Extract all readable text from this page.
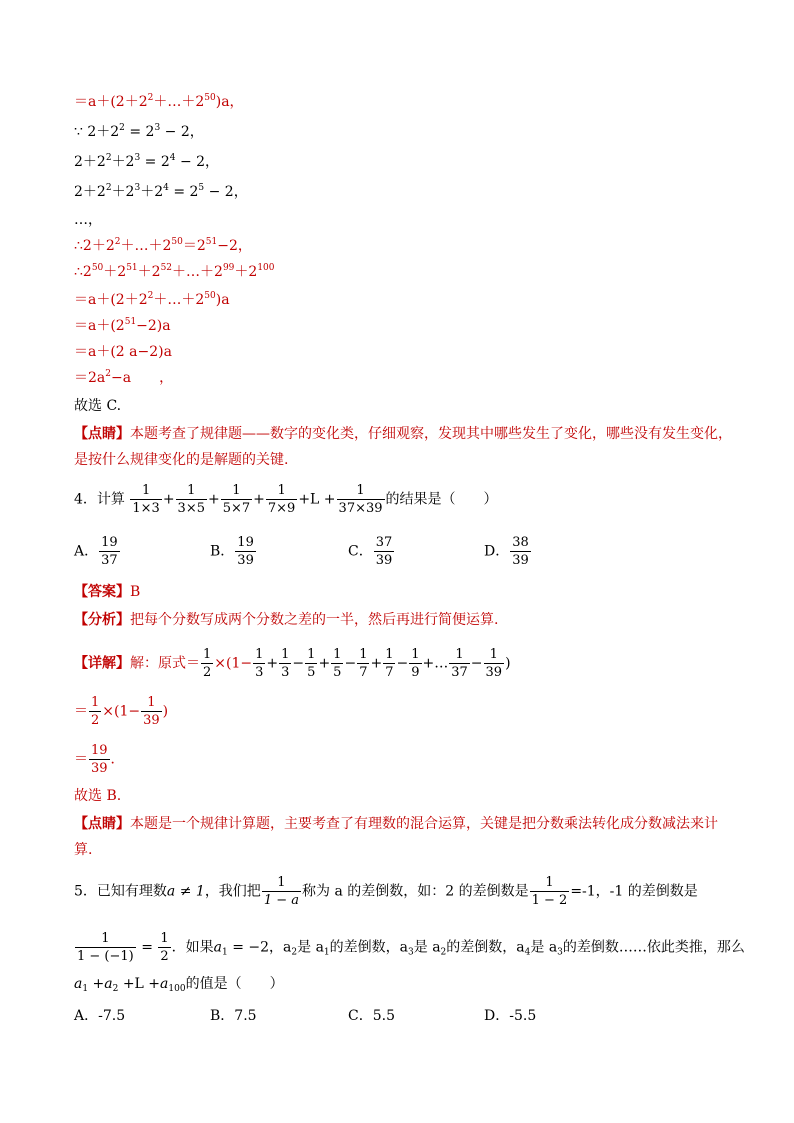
$=a+(2+2^2+\dots+2^{50})a$，
∵ $2+2^2 = 2^3 - 2$，
$2+2^2+2^3 = 2^4 - 2$，
$2+2^2+2^3+2^4 = 2^5 - 2$，
…，
$\therefore 2+2^2+\dots+2^{50}=2^{51}-2$，
$\therefore 2^{50}+2^{51}+2^{52}+\dots+2^{99}+2^{100}$
$=a+(2+2^2+\dots+2^{50})a$
$=a+(2^{51}-2)a$
＝a＋(2 a−2)a
$=2a^2-a$　　，
故选 C.
【点睛】本题考查了规律题——数字的变化类，仔细观察，发现其中哪些发生了变化，哪些没有发生变化，
是按什么规律变化的是解题的关键.
4．计算 $\frac{1}{1\times 3} + \frac{1}{3\times 5} + \frac{1}{5\times 7} + \frac{1}{7\times 9} +L + \frac{1}{37\times 39}$ 的结果是（　　）
A． $\frac{19}{37}$	B． $\frac{19}{39}$	C． $\frac{37}{39}$	D． $\frac{38}{39}$
【答案】B
【分析】把每个分数写成两个分数之差的一半，然后再进行简便运算.
【详解】解：原式＝ $\frac{1}{2} \times(1- \frac{1}{3} + \frac{1}{3} - \frac{1}{5} + \frac{1}{5} - \frac{1}{7} + \frac{1}{7} - \frac{1}{9}$ +… $\frac{1}{37} - \frac{1}{39}$ )
＝ $\frac{1}{2} \times(1- \frac{1}{39}$ )
＝ $\frac{19}{39}$ ．
故选 B.
【点睛】本题是一个规律计算题，主要考查了有理数的混合运算，关键是把分数乘法转化成分数减法来计
算.
5．已知有理数a ≠ 1，我们把 $\frac{1}{1 - a}$ 称为 a 的差倒数，如：2 的差倒数是 $\frac{1}{1 - 2} =-1$，-1 的差倒数是
$\frac{1}{1 - (-1)} = \frac{1}{2}$ ．如果$a_1 = -2$，$a_2$是 $a_1$的差倒数，$a_3$是 $a_2$的差倒数，$a_4$是 $a_3$的差倒数……依此类推，那么
$a_1 +a_2 +L +a_{100}$的值是（　　）
A．-7.5	B．7.5	C．5.5	D．-5.5
